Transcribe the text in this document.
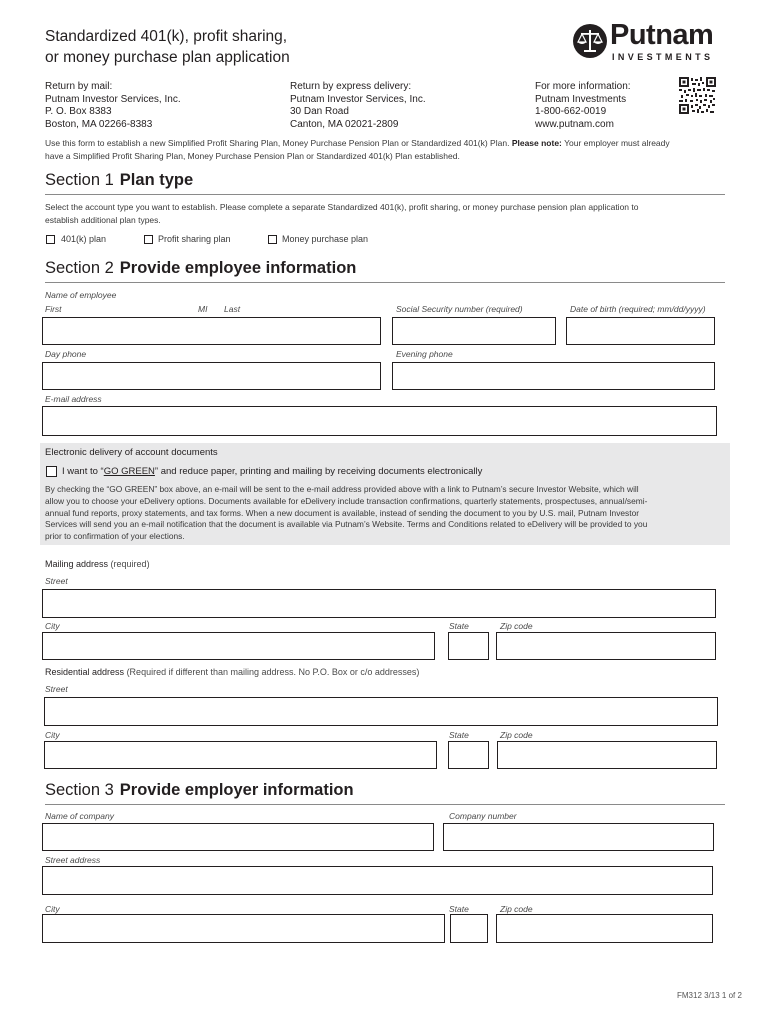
Standardized 401(k), profit sharing,
or money purchase plan application
Putnam
INVESTMENTS
Return by mail:
Putnam Investor Services, Inc.
P. O. Box 8383
Boston, MA 02266-8383
Return by express delivery:
Putnam Investor Services, Inc.
30 Dan Road
Canton, MA 02021-2809
For more information:
Putnam Investments
1-800-662-0019
www.putnam.com
Use this form to establish a new Simplified Profit Sharing Plan, Money Purchase Pension Plan or Standardized 401(k) Plan. Please note: Your employer must already
have a Simplified Profit Sharing Plan, Money Purchase Pension Plan or Standardized 401(k) Plan established.
Section 1 Plan type
Select the account type you want to establish. Please complete a separate Standardized 401(k), profit sharing, or money purchase pension plan application to
establish additional plan types.
401(k) plan	Profit sharing plan	Money purchase plan
Section 2 Provide employee information
Name of employee
First	MI Last	Social Security number (required)	Date of birth (required; mm/dd/yyyy)
Day phone	Evening phone
E-mail address
Electronic delivery of account documents
I want to “GO GREEN” and reduce paper, printing and mailing by receiving documents electronically
By checking the “GO GREEN” box above, an e-mail will be sent to the e-mail address provided above with a link to Putnam’s secure Investor Website, which will
allow you to choose your eDelivery options. Documents available for eDelivery include transaction confirmations, quarterly statements, prospectuses, annual/semi-
annual fund reports, proxy statements, and tax forms. When a new document is available, instead of sending the document to you by U.S. mail, Putnam Investor
Services will send you an e-mail notification that the document is available via Putnam’s Website. Terms and Conditions related to eDelivery will be provided to you
prior to confirmation of your elections.
Mailing address (required)
Street
City	State	Zip code
Residential address (Required if different than mailing address. No P.O. Box or c/o addresses)
Street
City	State	Zip code
Section 3 Provide employer information
Name of company	Company number
Street address
City	State	Zip code
FM312 3/13 1 of 2
